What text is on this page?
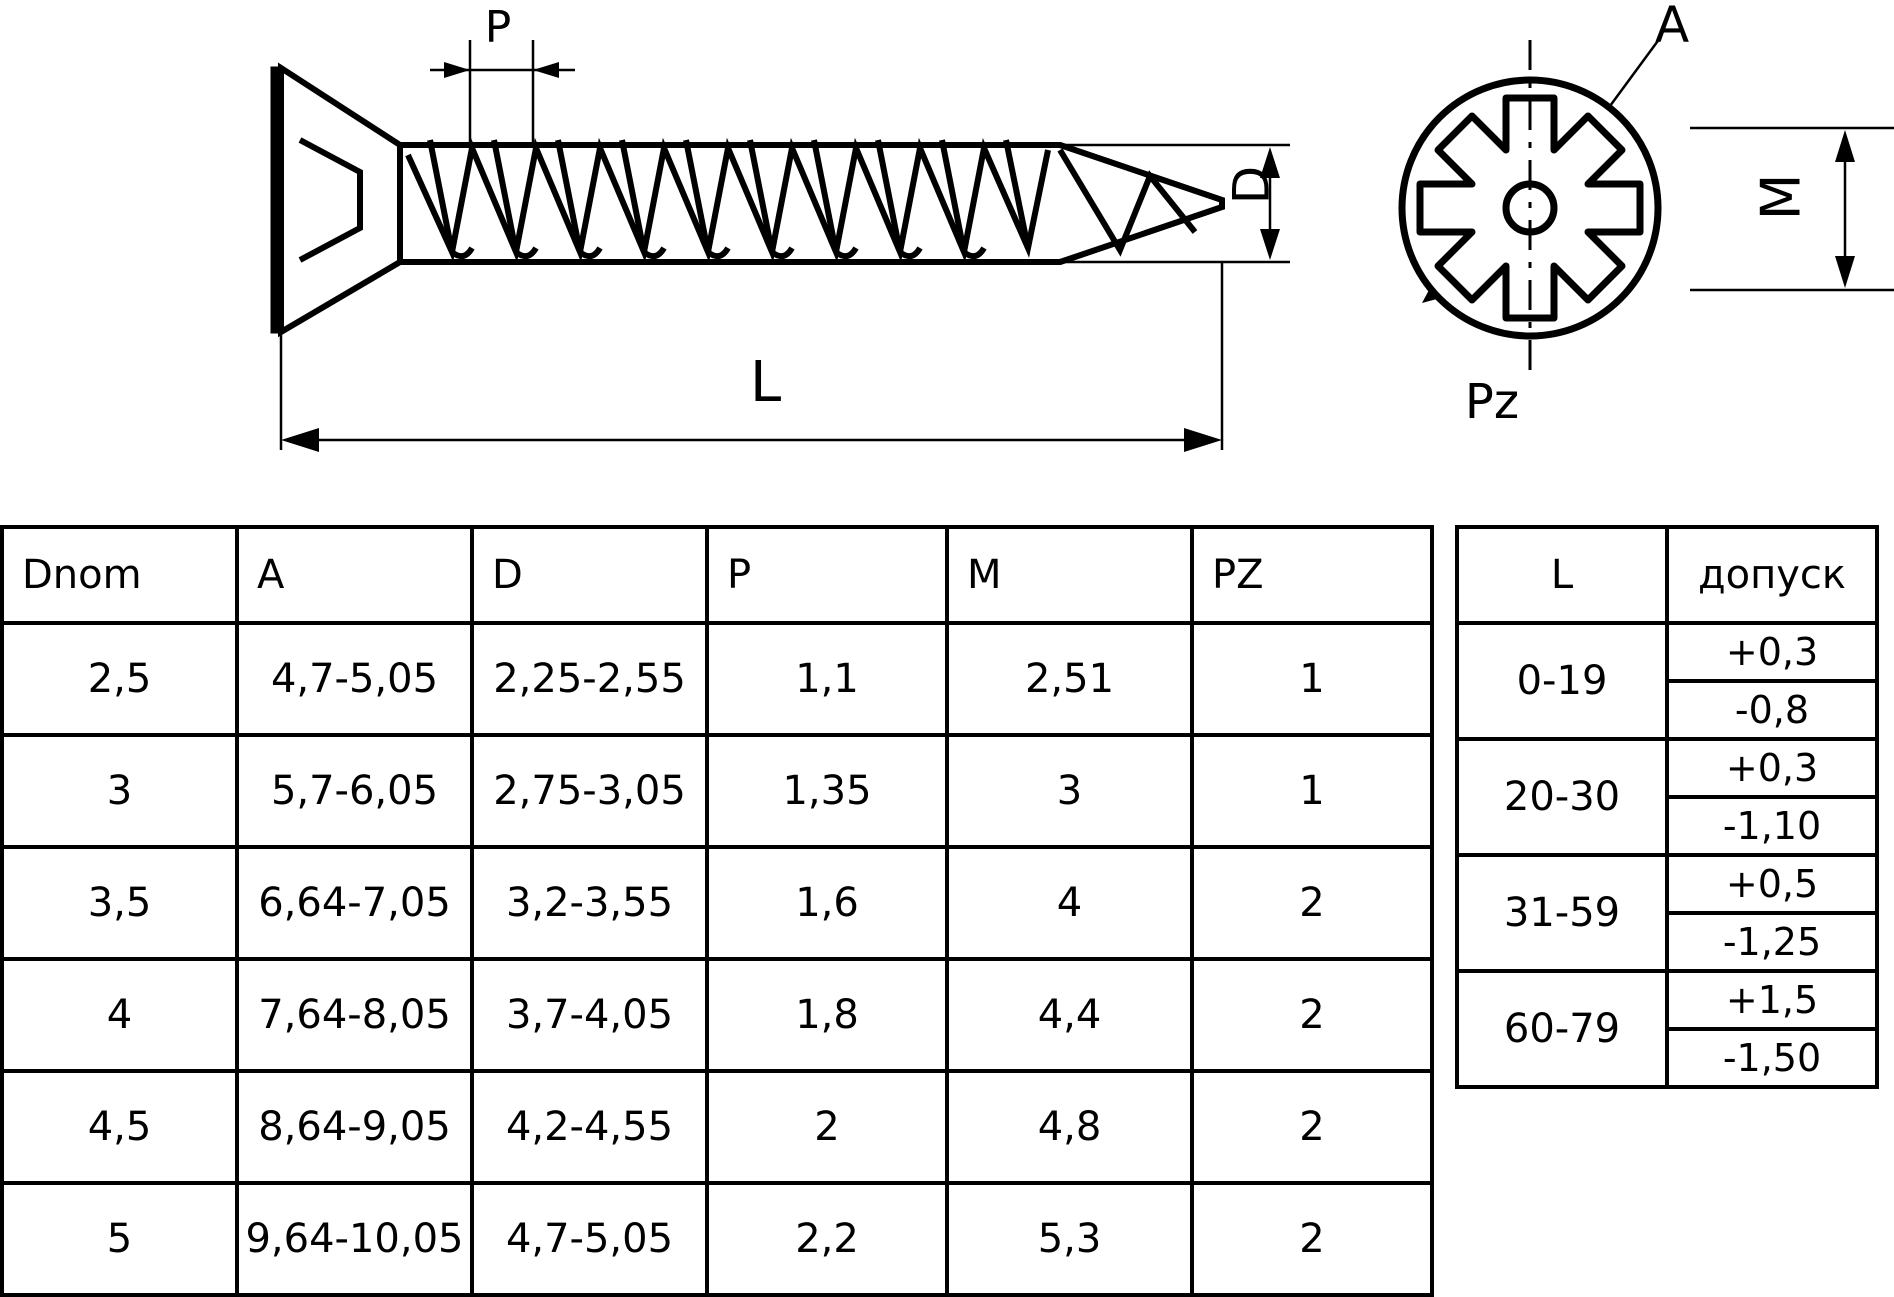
P
L
D
A
M
Pz
Dnom	A	D	P	M	PZ
2,5	4,7-5,05	2,25-2,55	1,1	2,51	1
3	5,7-6,05	2,75-3,05	1,35	3	1
3,5	6,64-7,05	3,2-3,55	1,6	4	2
4	7,64-8,05	3,7-4,05	1,8	4,4	2
4,5	8,64-9,05	4,2-4,55	2	4,8	2
5	9,64-10,05	4,7-5,05	2,2	5,3	2
L	допуск
0-19	+0,3
	-0,8
20-30	+0,3
	-1,10
31-59	+0,5
	-1,25
60-79	+1,5
	-1,50
